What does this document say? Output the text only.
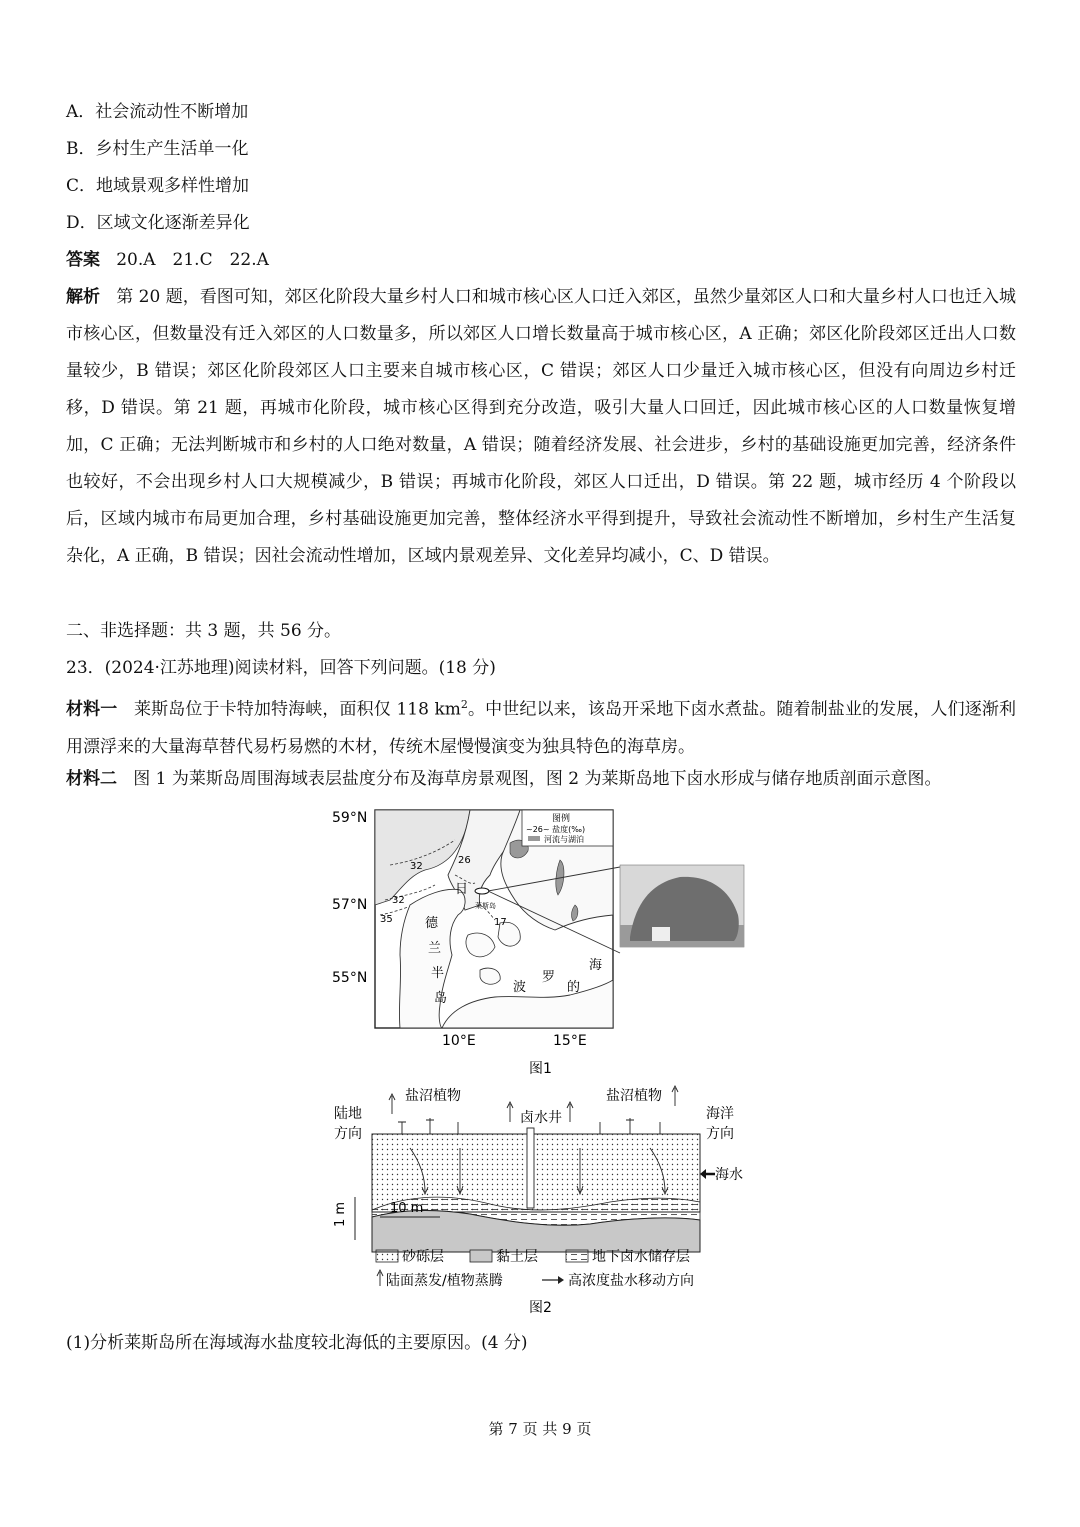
A．社会流动性不断增加
B．乡村生产生活单一化
C．地域景观多样性增加
D．区域文化逐渐差异化
答案 20.A　21.C　22.A
解析 第 20 题，看图可知，郊区化阶段大量乡村人口和城市核心区人口迁入郊区，虽然少量郊区人口和大量乡村人口也迁入城市核心区，但数量没有迁入郊区的人口数量多，所以郊区人口增长数量高于城市核心区，A 正确；郊区化阶段郊区迁出人口数量较少，B 错误；郊区化阶段郊区人口主要来自城市核心区，C 错误；郊区人口少量迁入城市核心区，但没有向周边乡村迁移，D 错误。第 21 题，再城市化阶段，城市核心区得到充分改造，吸引大量人口回迁，因此城市核心区的人口数量恢复增加，C 正确；无法判断城市和乡村的人口绝对数量，A 错误；随着经济发展、社会进步，乡村的基础设施更加完善，经济条件也较好，不会出现乡村人口大规模减少，B 错误；再城市化阶段，郊区人口迁出，D 错误。第 22 题，城市经历 4 个阶段以后，区域内城市布局更加合理，乡村基础设施更加完善，整体经济水平得到提升，导致社会流动性不断增加，乡村生产生活复杂化，A 正确，B 错误；因社会流动性增加，区域内景观差异、文化差异均减小，C、D 错误。
二、非选择题：共 3 题，共 56 分。
23．(2024·江苏地理)阅读材料，回答下列问题。(18 分)
材料一 莱斯岛位于卡特加特海峡，面积仅 118 $km^2$。中世纪以来，该岛开采地下卤水煮盐。随着制盐业的发展，人们逐渐利用漂浮来的大量海草替代易朽易燃的木材，传统木屋慢慢演变为独具特色的海草房。
材料二 图 1 为莱斯岛周围海域表层盐度分布及海草房景观图，图 2 为莱斯岛地下卤水形成与储存地质剖面示意图。
图例
~26~ 盐度(‰)
河流与湖泊
59°N
57°N
55°N
10°E	15°E
32
32
35
26
17
日
德
兰
半
岛
波
罗
的
海
莱斯岛
图1
陆地
方向
海洋
方向
盐沼植物	盐沼植物
卤水井
海水
1 m	10 m
砂砾层	黏土层	地下卤水储存层
陆面蒸发/植物蒸腾	高浓度盐水移动方向
图2
(1)分析莱斯岛所在海域海水盐度较北海低的主要原因。(4 分)
第 7 页 共 9 页
